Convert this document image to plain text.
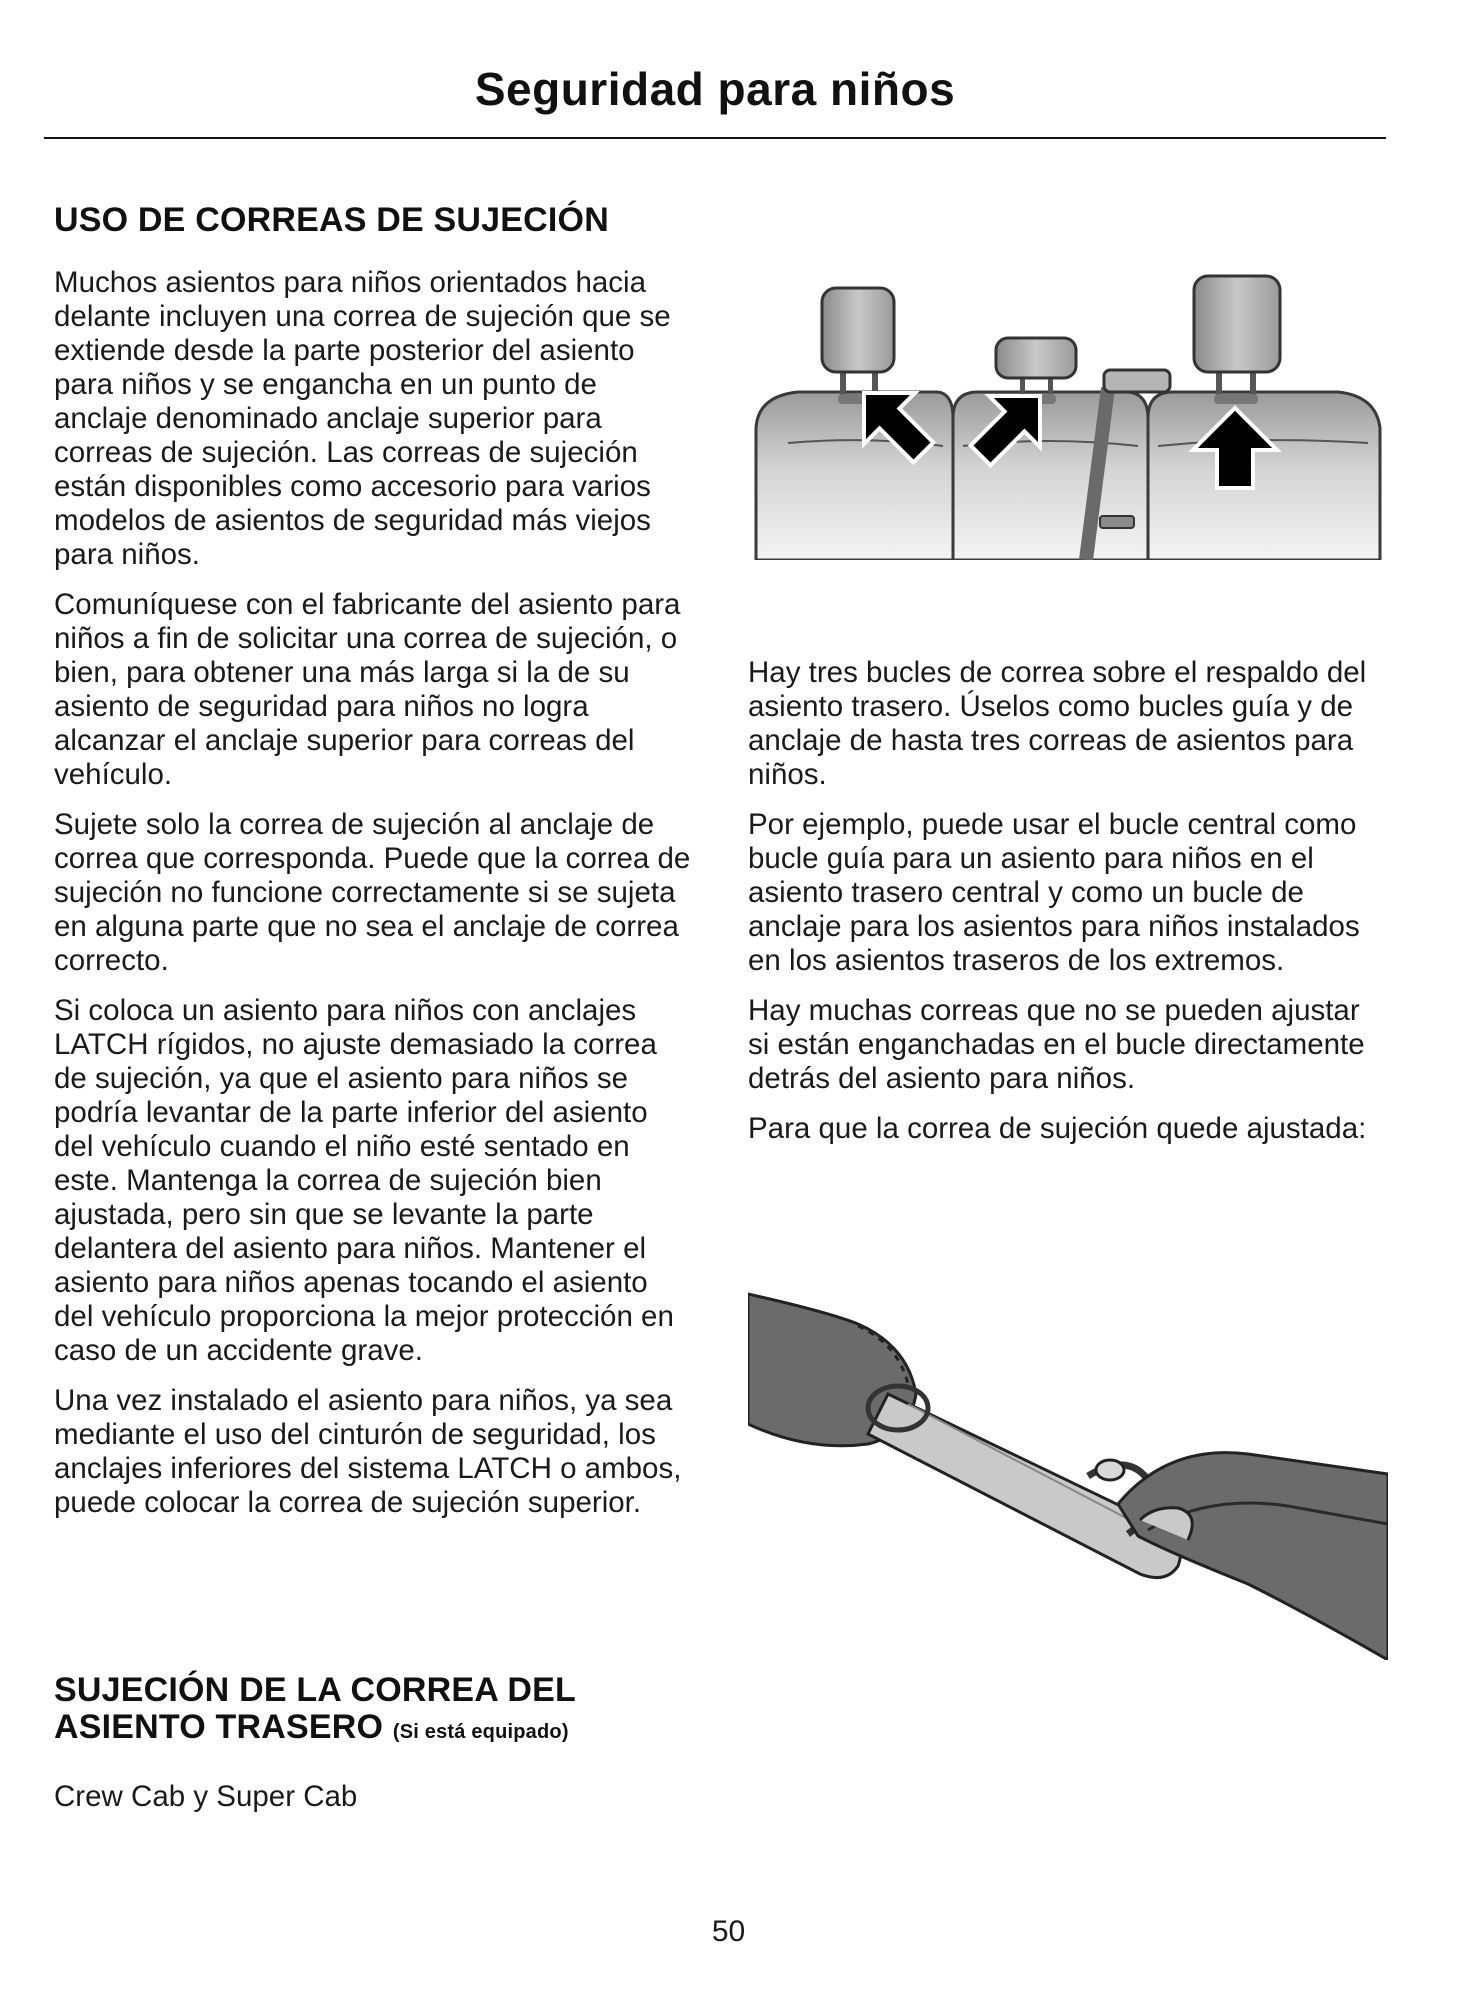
Seguridad para niños
USO DE CORREAS DE SUJECIÓN

Muchos asientos para niños orientados hacia delante incluyen una correa de sujeción que se extiende desde la parte posterior del asiento para niños y se engancha en un punto de anclaje denominado anclaje superior para correas de sujeción. Las correas de sujeción están disponibles como accesorio para varios modelos de asientos de seguridad más viejos para niños.

Comuníquese con el fabricante del asiento para niños a fin de solicitar una correa de sujeción, o bien, para obtener una más larga si la de su asiento de seguridad para niños no logra alcanzar el anclaje superior para correas del vehículo.

Sujete solo la correa de sujeción al anclaje de correa que corresponda. Puede que la correa de sujeción no funcione correctamente si se sujeta en alguna parte que no sea el anclaje de correa correcto.

Si coloca un asiento para niños con anclajes LATCH rígidos, no ajuste demasiado la correa de sujeción, ya que el asiento para niños se podría levantar de la parte inferior del asiento del vehículo cuando el niño esté sentado en este. Mantenga la correa de sujeción bien ajustada, pero sin que se levante la parte delantera del asiento para niños. Mantener el asiento para niños apenas tocando el asiento del vehículo proporciona la mejor protección en caso de un accidente grave.

Una vez instalado el asiento para niños, ya sea mediante el uso del cinturón de seguridad, los anclajes inferiores del sistema LATCH o ambos, puede colocar la correa de sujeción superior.

SUJECIÓN DE LA CORREA DEL
ASIENTO TRASERO (Si está equipado)

Crew Cab y Super Cab

Hay tres bucles de correa sobre el respaldo del asiento trasero. Úselos como bucles guía y de anclaje de hasta tres correas de asientos para niños.

Por ejemplo, puede usar el bucle central como bucle guía para un asiento para niños en el asiento trasero central y como un bucle de anclaje para los asientos para niños instalados en los asientos traseros de los extremos.

Hay muchas correas que no se pueden ajustar si están enganchadas en el bucle directamente detrás del asiento para niños.

Para que la correa de sujeción quede ajustada:

50
